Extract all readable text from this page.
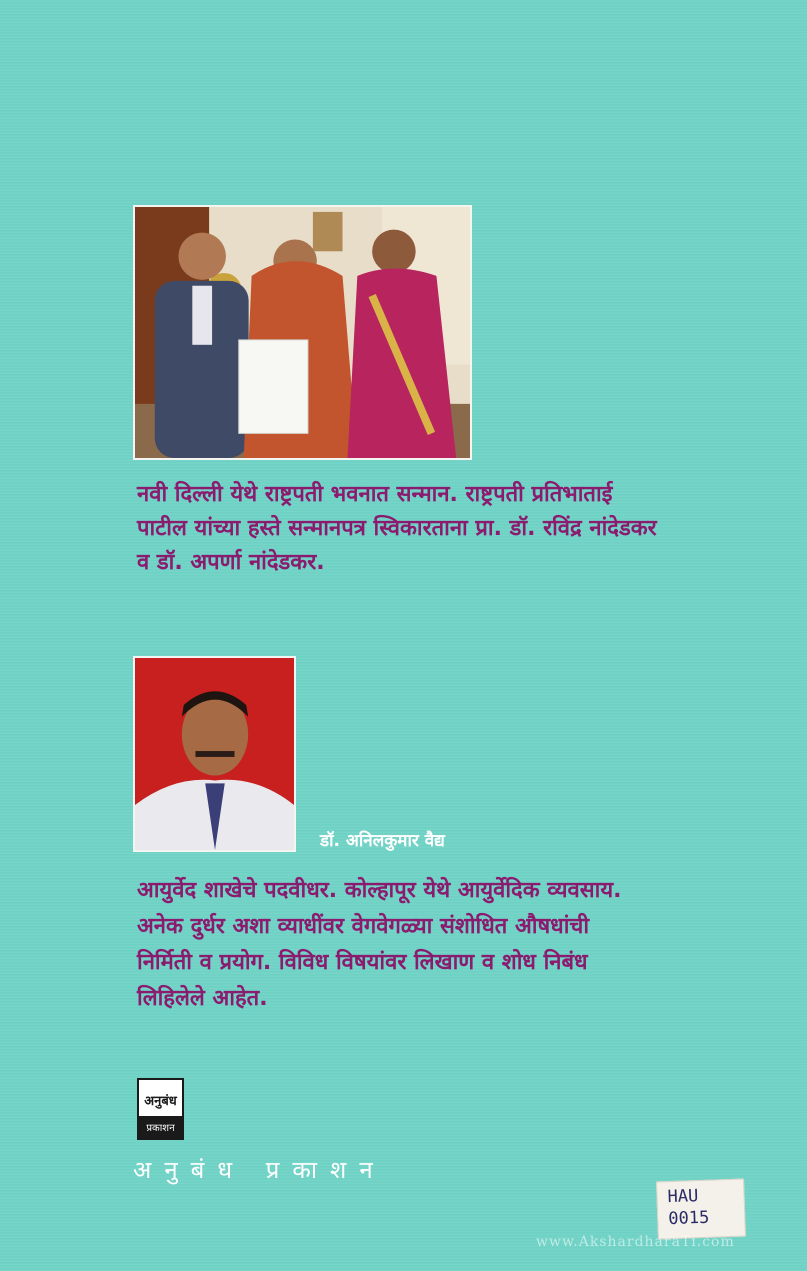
नवी दिल्ली येथे राष्ट्रपती भवनात सन्मान. राष्ट्रपती प्रतिभाताई
पाटील यांच्या हस्ते सन्मानपत्र स्विकारताना प्रा. डॉ. रविंद्र नांदेडकर
व डॉ. अपर्णा नांदेडकर.
डॉ. अनिलकुमार वैद्य
आयुर्वेद शाखेचे पदवीधर. कोल्हापूर येथे आयुर्वेदिक व्यवसाय.
अनेक दुर्धर अशा व्याधींवर वेगवेगळ्या संशोधित औषधांची
निर्मिती व प्रयोग. विविध विषयांवर लिखाण व शोध निबंध
लिहिलेले आहेत.
अनुबंध
प्रकाशन
अनुबंध प्रकाशन
HAU
0015
www.AkshardharaTi.com
